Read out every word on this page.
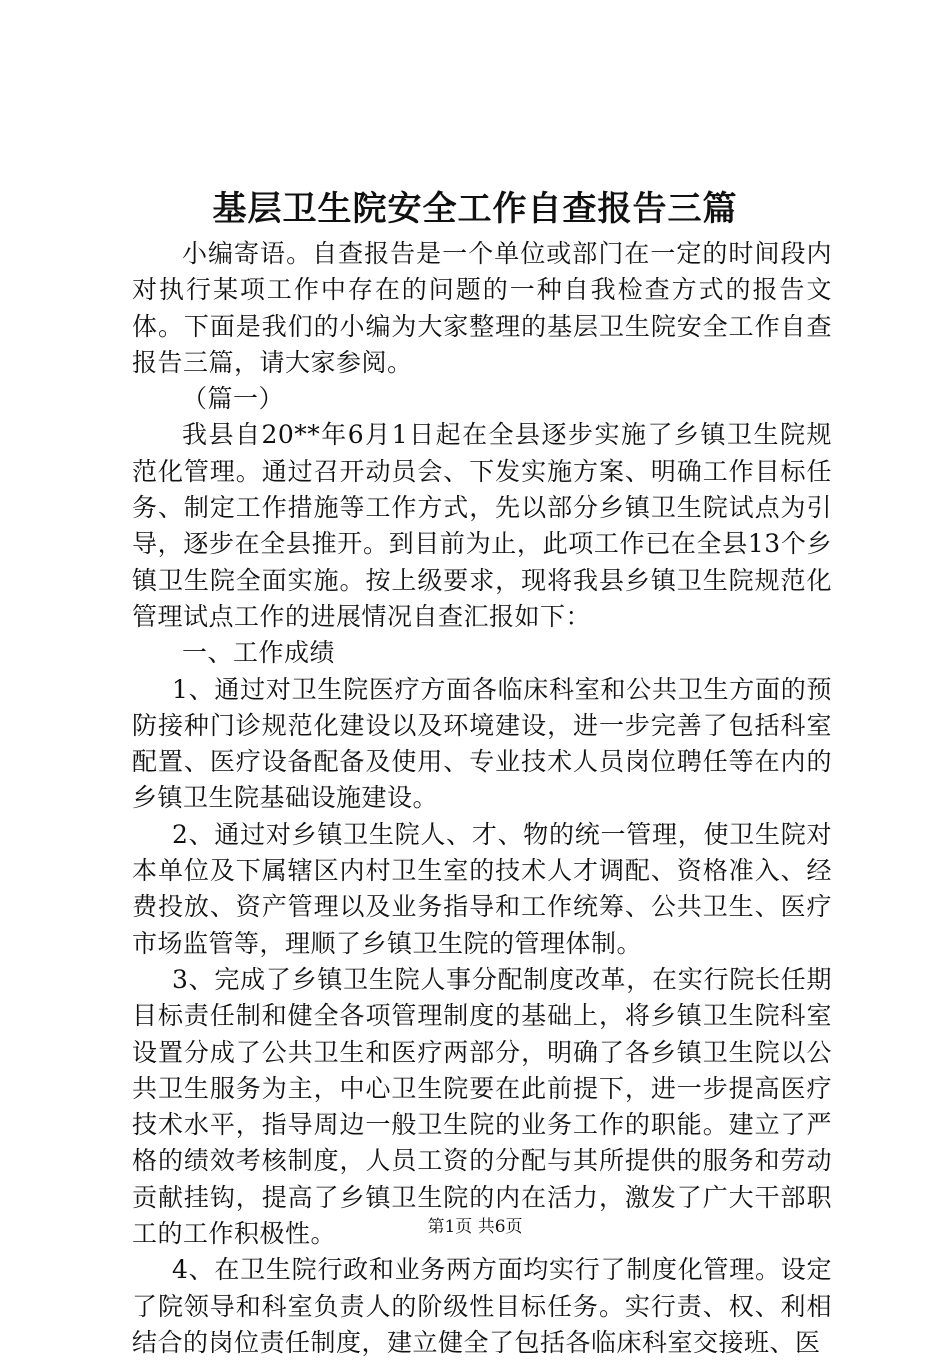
基层卫生院安全工作自查报告三篇

小编寄语。自查报告是一个单位或部门在一定的时间段内对执行某项工作中存在的问题的一种自我检查方式的报告文体。下面是我们的小编为大家整理的基层卫生院安全工作自查报告三篇，请大家参阅。

（篇一）

我县自20**年6月1日起在全县逐步实施了乡镇卫生院规范化管理。通过召开动员会、下发实施方案、明确工作目标任务、制定工作措施等工作方式，先以部分乡镇卫生院试点为引导，逐步在全县推开。到目前为止，此项工作已在全县13个乡镇卫生院全面实施。按上级要求，现将我县乡镇卫生院规范化管理试点工作的进展情况自查汇报如下：

一、工作成绩

1、通过对卫生院医疗方面各临床科室和公共卫生方面的预防接种门诊规范化建设以及环境建设，进一步完善了包括科室配置、医疗设备配备及使用、专业技术人员岗位聘任等在内的乡镇卫生院基础设施建设。

2、通过对乡镇卫生院人、才、物的统一管理，使卫生院对本单位及下属辖区内村卫生室的技术人才调配、资格准入、经费投放、资产管理以及业务指导和工作统筹、公共卫生、医疗市场监管等，理顺了乡镇卫生院的管理体制。

3、完成了乡镇卫生院人事分配制度改革，在实行院长任期目标责任制和健全各项管理制度的基础上，将乡镇卫生院科室设置分成了公共卫生和医疗两部分，明确了各乡镇卫生院以公共卫生服务为主，中心卫生院要在此前提下，进一步提高医疗技术水平，指导周边一般卫生院的业务工作的职能。建立了严格的绩效考核制度，人员工资的分配与其所提供的服务和劳动贡献挂钩，提高了乡镇卫生院的内在活力，激发了广大干部职工的工作积极性。

4、在卫生院行政和业务两方面均实行了制度化管理。设定了院领导和科室负责人的阶级性目标任务。实行责、权、利相结合的岗位责任制度，建立健全了包括各临床科室交接班、医

第1页 共6页
